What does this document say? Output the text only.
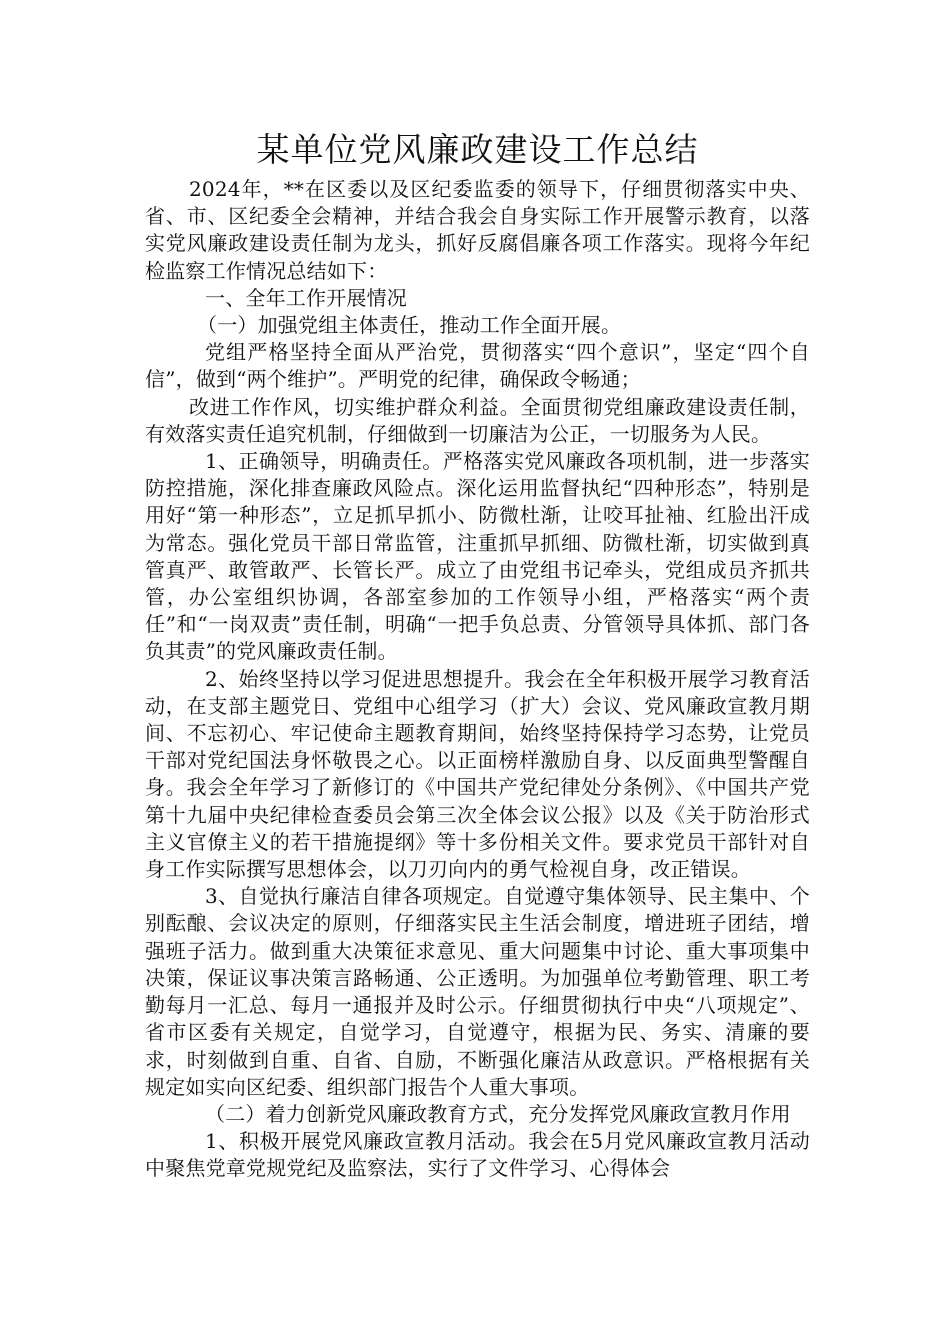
某单位党风廉政建设工作总结

2024年，**在区委以及区纪委监委的领导下，仔细贯彻落实中央、省、市、区纪委全会精神，并结合我会自身实际工作开展警示教育，以落实党风廉政建设责任制为龙头，抓好反腐倡廉各项工作落实。现将今年纪检监察工作情况总结如下：

一、全年工作开展情况

（一）加强党组主体责任，推动工作全面开展。

党组严格坚持全面从严治党，贯彻落实“四个意识”，坚定“四个自信”，做到“两个维护”。严明党的纪律，确保政令畅通；

改进工作作风，切实维护群众利益。全面贯彻党组廉政建设责任制，有效落实责任追究机制，仔细做到一切廉洁为公正，一切服务为人民。

1、正确领导，明确责任。严格落实党风廉政各项机制，进一步落实防控措施，深化排查廉政风险点。深化运用监督执纪“四种形态”，特别是用好“第一种形态”，立足抓早抓小、防微杜渐，让咬耳扯袖、红脸出汗成为常态。强化党员干部日常监管，注重抓早抓细、防微杜渐，切实做到真管真严、敢管敢严、长管长严。成立了由党组书记牵头，党组成员齐抓共管，办公室组织协调，各部室参加的工作领导小组，严格落实“两个责任”和“一岗双责”责任制，明确“一把手负总责、分管领导具体抓、部门各负其责”的党风廉政责任制。

2、始终坚持以学习促进思想提升。我会在全年积极开展学习教育活动，在支部主题党日、党组中心组学习（扩大）会议、党风廉政宣教月期间、不忘初心、牢记使命主题教育期间，始终坚持保持学习态势，让党员干部对党纪国法身怀敬畏之心。以正面榜样激励自身、以反面典型警醒自身。我会全年学习了新修订的《中国共产党纪律处分条例》、《中国共产党第十九届中央纪律检查委员会第三次全体会议公报》以及《关于防治形式主义官僚主义的若干措施提纲》等十多份相关文件。要求党员干部针对自身工作实际撰写思想体会，以刀刃向内的勇气检视自身，改正错误。

3、自觉执行廉洁自律各项规定。自觉遵守集体领导、民主集中、个别酝酿、会议决定的原则，仔细落实民主生活会制度，增进班子团结，增强班子活力。做到重大决策征求意见、重大问题集中讨论、重大事项集中决策，保证议事决策言路畅通、公正透明。为加强单位考勤管理、职工考勤每月一汇总、每月一通报并及时公示。仔细贯彻执行中央“八项规定”、省市区委有关规定，自觉学习，自觉遵守，根据为民、务实、清廉的要求，时刻做到自重、自省、自励，不断强化廉洁从政意识。严格根据有关规定如实向区纪委、组织部门报告个人重大事项。

（二）着力创新党风廉政教育方式，充分发挥党风廉政宣教月作用

1、积极开展党风廉政宣教月活动。我会在5月党风廉政宣教月活动中聚焦党章党规党纪及监察法，实行了文件学习、心得体会
